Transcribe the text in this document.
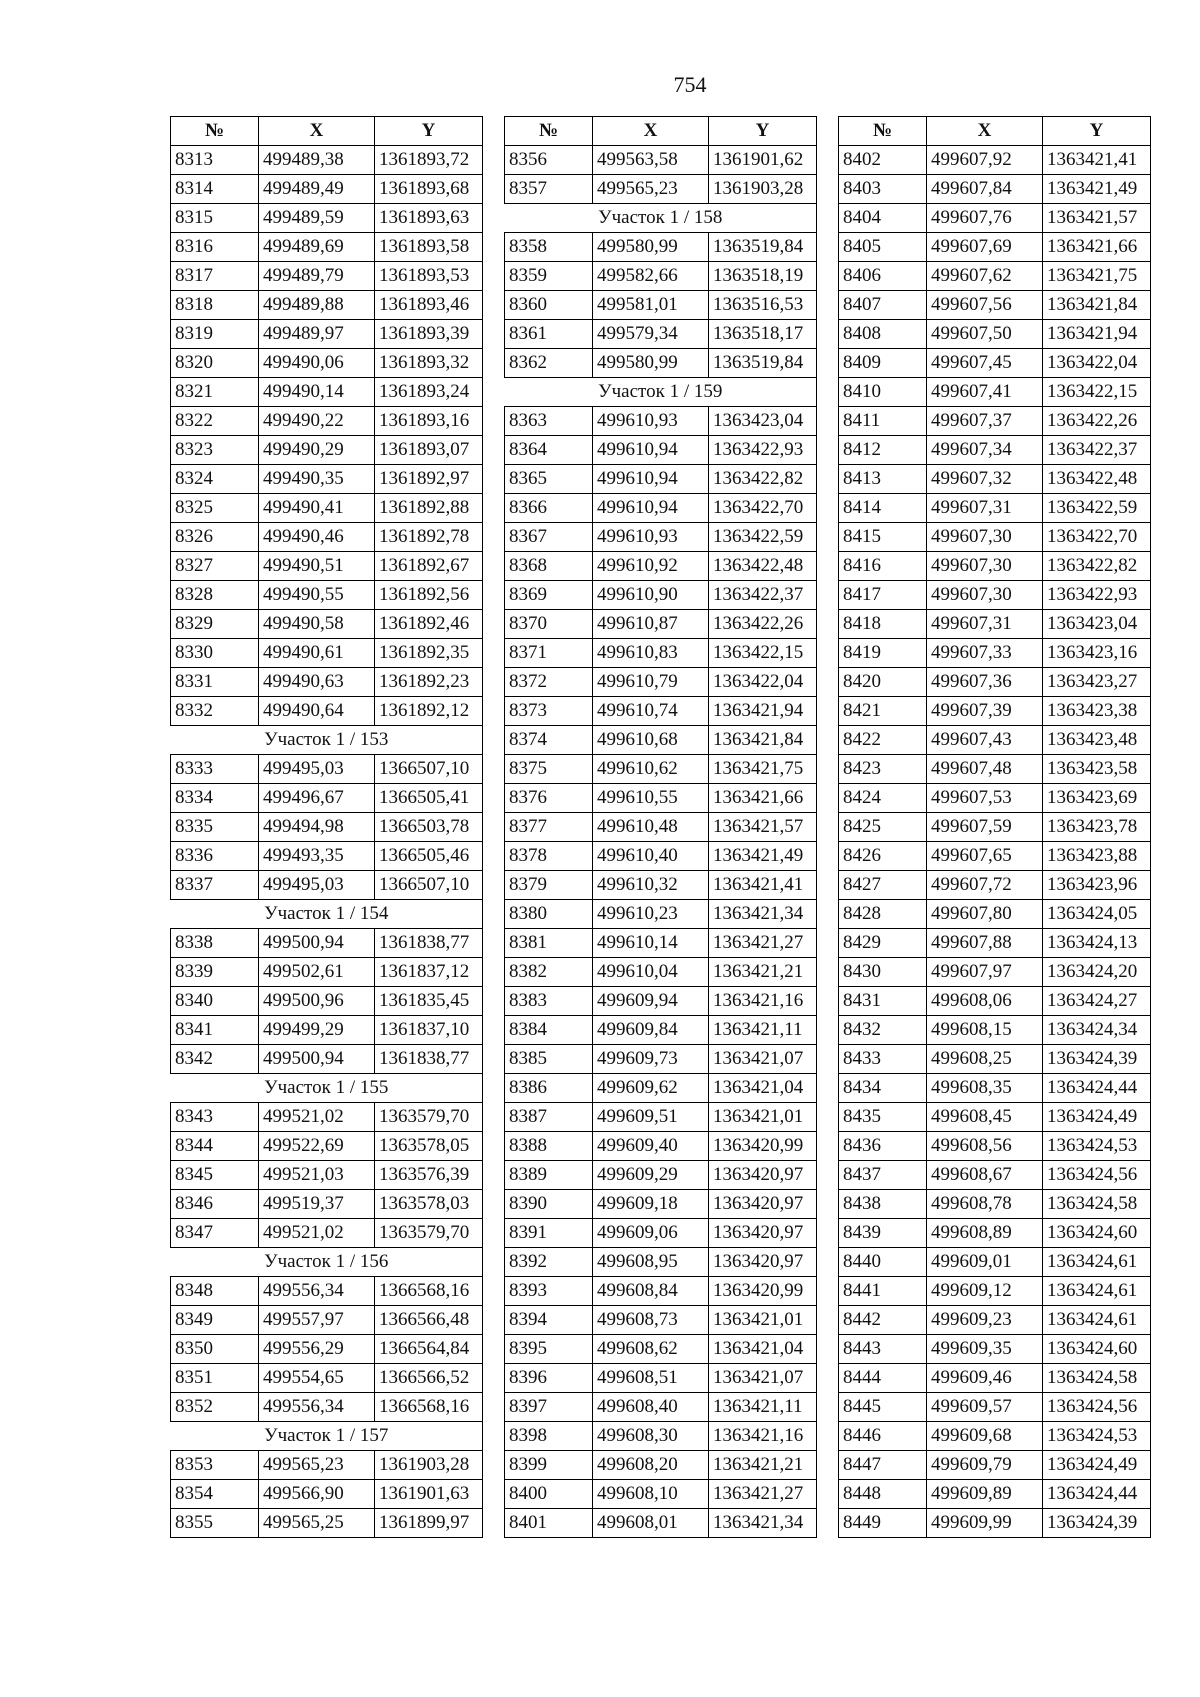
754
№	X	Y
8313	499489,38	1361893,72
8314	499489,49	1361893,68
8315	499489,59	1361893,63
8316	499489,69	1361893,58
8317	499489,79	1361893,53
8318	499489,88	1361893,46
8319	499489,97	1361893,39
8320	499490,06	1361893,32
8321	499490,14	1361893,24
8322	499490,22	1361893,16
8323	499490,29	1361893,07
8324	499490,35	1361892,97
8325	499490,41	1361892,88
8326	499490,46	1361892,78
8327	499490,51	1361892,67
8328	499490,55	1361892,56
8329	499490,58	1361892,46
8330	499490,61	1361892,35
8331	499490,63	1361892,23
8332	499490,64	1361892,12
Участок 1 / 153		
8333	499495,03	1366507,10
8334	499496,67	1366505,41
8335	499494,98	1366503,78
8336	499493,35	1366505,46
8337	499495,03	1366507,10
Участок 1 / 154		
8338	499500,94	1361838,77
8339	499502,61	1361837,12
8340	499500,96	1361835,45
8341	499499,29	1361837,10
8342	499500,94	1361838,77
Участок 1 / 155		
8343	499521,02	1363579,70
8344	499522,69	1363578,05
8345	499521,03	1363576,39
8346	499519,37	1363578,03
8347	499521,02	1363579,70
Участок 1 / 156		
8348	499556,34	1366568,16
8349	499557,97	1366566,48
8350	499556,29	1366564,84
8351	499554,65	1366566,52
8352	499556,34	1366568,16
Участок 1 / 157		
8353	499565,23	1361903,28
8354	499566,90	1361901,63
8355	499565,25	1361899,97
№	X	Y
8356	499563,58	1361901,62
8357	499565,23	1361903,28
Участок 1 / 158		
8358	499580,99	1363519,84
8359	499582,66	1363518,19
8360	499581,01	1363516,53
8361	499579,34	1363518,17
8362	499580,99	1363519,84
Участок 1 / 159		
8363	499610,93	1363423,04
8364	499610,94	1363422,93
8365	499610,94	1363422,82
8366	499610,94	1363422,70
8367	499610,93	1363422,59
8368	499610,92	1363422,48
8369	499610,90	1363422,37
8370	499610,87	1363422,26
8371	499610,83	1363422,15
8372	499610,79	1363422,04
8373	499610,74	1363421,94
8374	499610,68	1363421,84
8375	499610,62	1363421,75
8376	499610,55	1363421,66
8377	499610,48	1363421,57
8378	499610,40	1363421,49
8379	499610,32	1363421,41
8380	499610,23	1363421,34
8381	499610,14	1363421,27
8382	499610,04	1363421,21
8383	499609,94	1363421,16
8384	499609,84	1363421,11
8385	499609,73	1363421,07
8386	499609,62	1363421,04
8387	499609,51	1363421,01
8388	499609,40	1363420,99
8389	499609,29	1363420,97
8390	499609,18	1363420,97
8391	499609,06	1363420,97
8392	499608,95	1363420,97
8393	499608,84	1363420,99
8394	499608,73	1363421,01
8395	499608,62	1363421,04
8396	499608,51	1363421,07
8397	499608,40	1363421,11
8398	499608,30	1363421,16
8399	499608,20	1363421,21
8400	499608,10	1363421,27
8401	499608,01	1363421,34
№	X	Y
8402	499607,92	1363421,41
8403	499607,84	1363421,49
8404	499607,76	1363421,57
8405	499607,69	1363421,66
8406	499607,62	1363421,75
8407	499607,56	1363421,84
8408	499607,50	1363421,94
8409	499607,45	1363422,04
8410	499607,41	1363422,15
8411	499607,37	1363422,26
8412	499607,34	1363422,37
8413	499607,32	1363422,48
8414	499607,31	1363422,59
8415	499607,30	1363422,70
8416	499607,30	1363422,82
8417	499607,30	1363422,93
8418	499607,31	1363423,04
8419	499607,33	1363423,16
8420	499607,36	1363423,27
8421	499607,39	1363423,38
8422	499607,43	1363423,48
8423	499607,48	1363423,58
8424	499607,53	1363423,69
8425	499607,59	1363423,78
8426	499607,65	1363423,88
8427	499607,72	1363423,96
8428	499607,80	1363424,05
8429	499607,88	1363424,13
8430	499607,97	1363424,20
8431	499608,06	1363424,27
8432	499608,15	1363424,34
8433	499608,25	1363424,39
8434	499608,35	1363424,44
8435	499608,45	1363424,49
8436	499608,56	1363424,53
8437	499608,67	1363424,56
8438	499608,78	1363424,58
8439	499608,89	1363424,60
8440	499609,01	1363424,61
8441	499609,12	1363424,61
8442	499609,23	1363424,61
8443	499609,35	1363424,60
8444	499609,46	1363424,58
8445	499609,57	1363424,56
8446	499609,68	1363424,53
8447	499609,79	1363424,49
8448	499609,89	1363424,44
8449	499609,99	1363424,39
